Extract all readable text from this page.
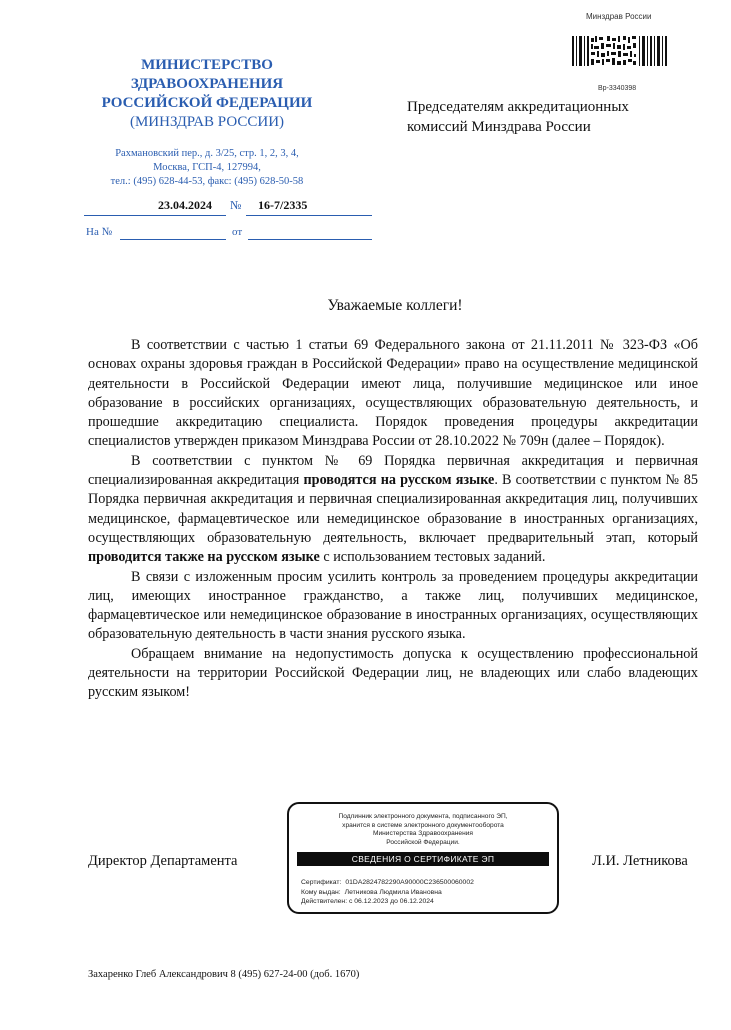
Минздрав России
Вр-3340398
МИНИСТЕРСТВО
ЗДРАВООХРАНЕНИЯ
РОССИЙСКОЙ ФЕДЕРАЦИИ
(МИНЗДРАВ РОССИИ)
Рахмановский пер., д. 3/25, стр. 1, 2, 3, 4,
Москва, ГСП-4, 127994,
тел.: (495) 628-44-53, факс: (495) 628-50-58
23.04.2024 № 16-7/2335
На №	от
Председателям аккредитационных
комиссий Минздрава России
Уважаемые коллеги!

В соответствии с частью 1 статьи 69 Федерального закона от 21.11.2011 № 323-ФЗ «Об основах охраны здоровья граждан в Российской Федерации» право на осуществление медицинской деятельности в Российской Федерации имеют лица, получившие медицинское или иное образование в российских организациях, осуществляющих образовательную деятельность, и прошедшие аккредитацию специалиста. Порядок проведения процедуры аккредитации специалистов утвержден приказом Минздрава России от 28.10.2022 № 709н (далее – Порядок).

В соответствии с пунктом № 69 Порядка первичная аккредитация и первичная специализированная аккредитация проводятся на русском языке. В соответствии с пунктом № 85 Порядка первичная аккредитация и первичная специализированная аккредитация лиц, получивших медицинское, фармацевтическое или немедицинское образование в иностранных организациях, осуществляющих образовательную деятельность, включает предварительный этап, который проводится также на русском языке с использованием тестовых заданий.

В связи с изложенным просим усилить контроль за проведением процедуры аккредитации лиц, имеющих иностранное гражданство, а также лиц, получивших медицинское, фармацевтическое или немедицинское образование в иностранных организациях, осуществляющих образовательную деятельность в части знания русского языка.

Обращаем внимание на недопустимость допуска к осуществлению профессиональной деятельности на территории Российской Федерации лиц, не владеющих или слабо владеющих русским языком!

Директор Департамента
Подлинник электронного документа, подписанного ЭП,
хранится в системе электронного документооборота
Министерства Здравоохранения
Российской Федерации.
СВЕДЕНИЯ О СЕРТИФИКАТЕ ЭП
Сертификат: 01DA2824782290A90000C236500060002
Кому выдан: Летникова Людмила Ивановна
Действителен: с 06.12.2023 до 06.12.2024
Л.И. Летникова
Захаренко Глеб Александрович 8 (495) 627-24-00 (доб. 1670)
